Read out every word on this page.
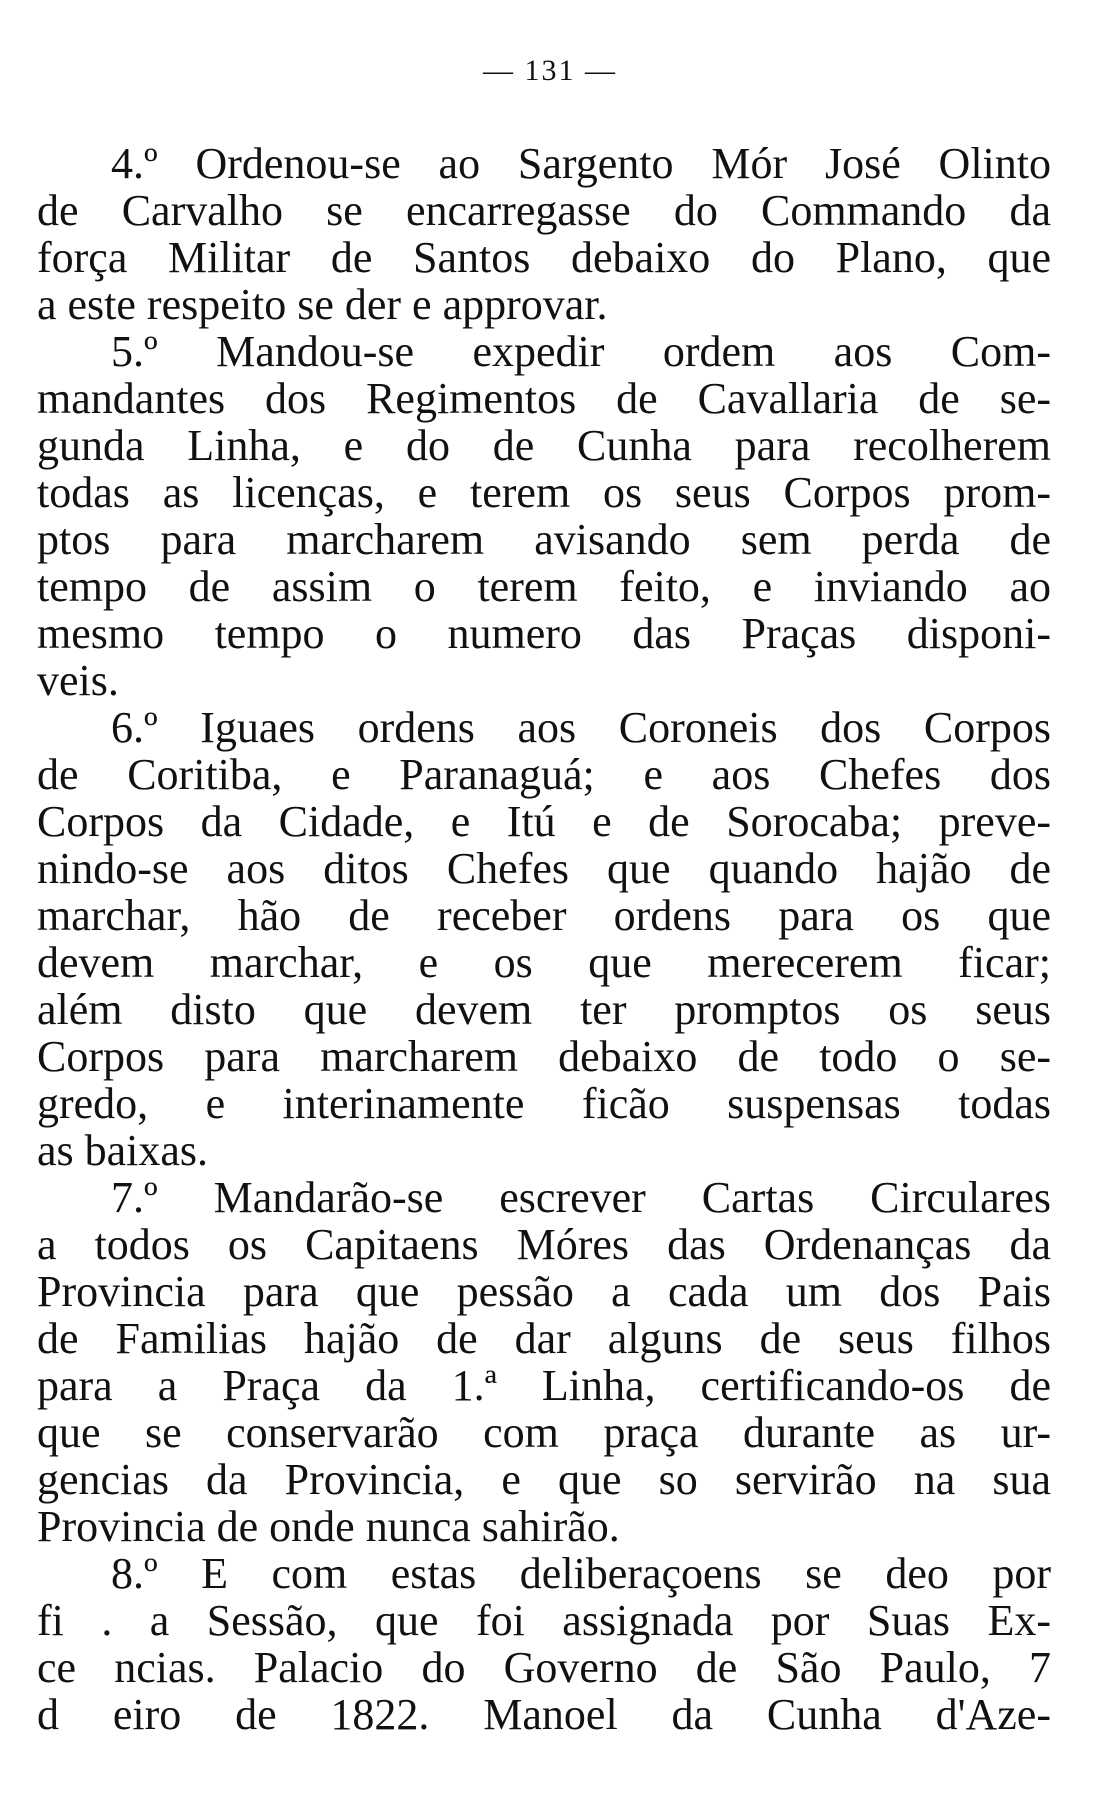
— 131 —
4.º Ordenou-se ao Sargento Mór José Olinto
de Carvalho se encarregasse do Commando da
força Militar de Santos debaixo do Plano, que
a este respeito se der e approvar.
5.º Mandou-se expedir ordem aos Com-
mandantes dos Regimentos de Cavallaria de se-
gunda Linha, e do de Cunha para recolherem
todas as licenças, e terem os seus Corpos prom-
ptos para marcharem avisando sem perda de
tempo de assim o terem feito, e inviando ao
mesmo tempo o numero das Praças disponi-
veis.
6.º Iguaes ordens aos Coroneis dos Corpos
de Coritiba, e Paranaguá; e aos Chefes dos
Corpos da Cidade, e Itú e de Sorocaba; preve-
nindo-se aos ditos Chefes que quando hajão de
marchar, hão de receber ordens para os que
devem marchar, e os que merecerem ficar;
além disto que devem ter promptos os seus
Corpos para marcharem debaixo de todo o se-
gredo, e interinamente ficão suspensas todas
as baixas.
7.º Mandarão-se escrever Cartas Circulares
a todos os Capitaens Móres das Ordenanças da
Provincia para que pessão a cada um dos Pais
de Familias hajão de dar alguns de seus filhos
para a Praça da 1.ª Linha, certificando-os de
que se conservarão com praça durante as ur-
gencias da Provincia, e que so servirão na sua
Provincia de onde nunca sahirão.
8.º E com estas deliberaçoens se deo por
fi . a Sessão, que foi assignada por Suas Ex-
ce ncias. Palacio do Governo de São Paulo, 7
d eiro de 1822. Manoel da Cunha d'Aze-
